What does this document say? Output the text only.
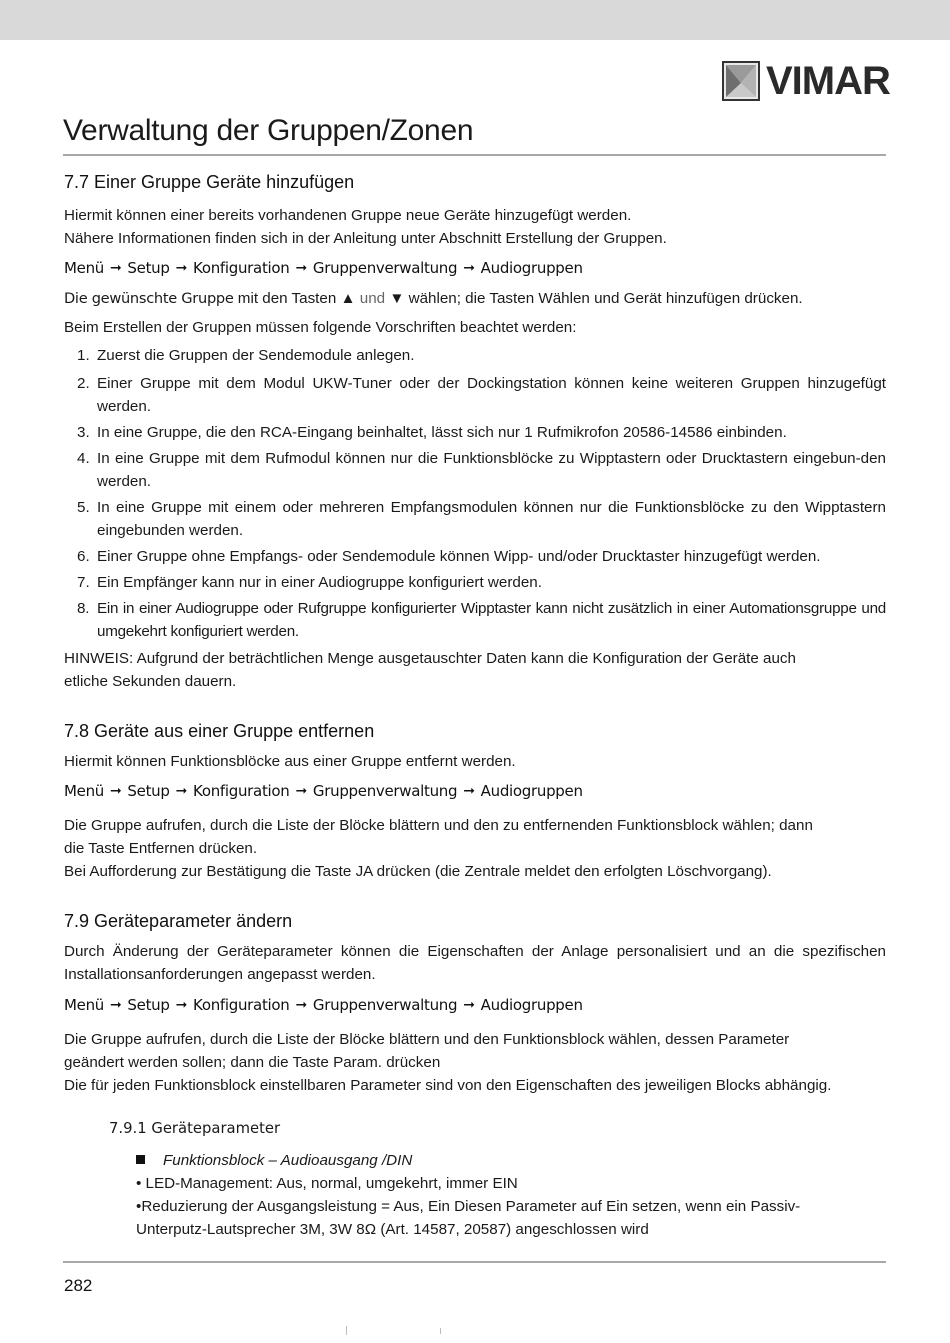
VIMAR
Verwaltung der Gruppen/Zonen
7.7 Einer Gruppe Geräte hinzufügen

Hiermit können einer bereits vorhandenen Gruppe neue Geräte hinzugefügt werden.

Nähere Informationen finden sich in der Anleitung unter Abschnitt Erstellung der Gruppen.

Menü ➞ Setup ➞ Konfiguration ➞ Gruppenverwaltung ➞ Audiogruppen

Die gewünschte Gruppe mit den Tasten ▲ und ▼ wählen; die Tasten Wählen und Gerät hinzufügen drücken.

Beim Erstellen der Gruppen müssen folgende Vorschriften beachtet werden:

1. Zuerst die Gruppen der Sendemodule anlegen.
2. Einer Gruppe mit dem Modul UKW-Tuner oder der Dockingstation können keine weiteren Gruppen hinzugefügt werden.
3. In eine Gruppe, die den RCA-Eingang beinhaltet, lässt sich nur 1 Rufmikrofon 20586-14586 einbinden.
4. In eine Gruppe mit dem Rufmodul können nur die Funktionsblöcke zu Wipptastern oder Drucktastern eingebun-den werden.
5. In eine Gruppe mit einem oder mehreren Empfangsmodulen können nur die Funktionsblöcke zu den Wipptastern eingebunden werden.
6. Einer Gruppe ohne Empfangs- oder Sendemodule können Wipp- und/oder Drucktaster hinzugefügt werden.
7. Ein Empfänger kann nur in einer Audiogruppe konfiguriert werden.
8. Ein in einer Audiogruppe oder Rufgruppe konfigurierter Wipptaster kann nicht zusätzlich in einer Automationsgruppe und umgekehrt konfiguriert werden.

HINWEIS: Aufgrund der beträchtlichen Menge ausgetauschter Daten kann die Konfiguration der Geräte auch

etliche Sekunden dauern.

7.8 Geräte aus einer Gruppe entfernen

Hiermit können Funktionsblöcke aus einer Gruppe entfernt werden.

Menü ➞ Setup ➞ Konfiguration ➞ Gruppenverwaltung ➞ Audiogruppen

Die Gruppe aufrufen, durch die Liste der Blöcke blättern und den zu entfernenden Funktionsblock wählen; dann

die Taste Entfernen drücken.

Bei Aufforderung zur Bestätigung die Taste JA drücken (die Zentrale meldet den erfolgten Löschvorgang).

7.9 Geräteparameter ändern

Durch Änderung der Geräteparameter können die Eigenschaften der Anlage personalisiert und an die spezifischen Installationsanforderungen angepasst werden.

Menü ➞ Setup ➞ Konfiguration ➞ Gruppenverwaltung ➞ Audiogruppen

Die Gruppe aufrufen, durch die Liste der Blöcke blättern und den Funktionsblock wählen, dessen Parameter

geändert werden sollen; dann die Taste Param. drücken

Die für jeden Funktionsblock einstellbaren Parameter sind von den Eigenschaften des jeweiligen Blocks abhängig.

7.9.1 Geräteparameter

Funktionsblock – Audioausgang /DIN

• LED-Management: Aus, normal, umgekehrt, immer EIN

•Reduzierung der Ausgangsleistung = Aus, Ein Diesen Parameter auf Ein setzen, wenn ein Passiv-

Unterputz-Lautsprecher 3M, 3W 8Ω (Art. 14587, 20587) angeschlossen wird

282
